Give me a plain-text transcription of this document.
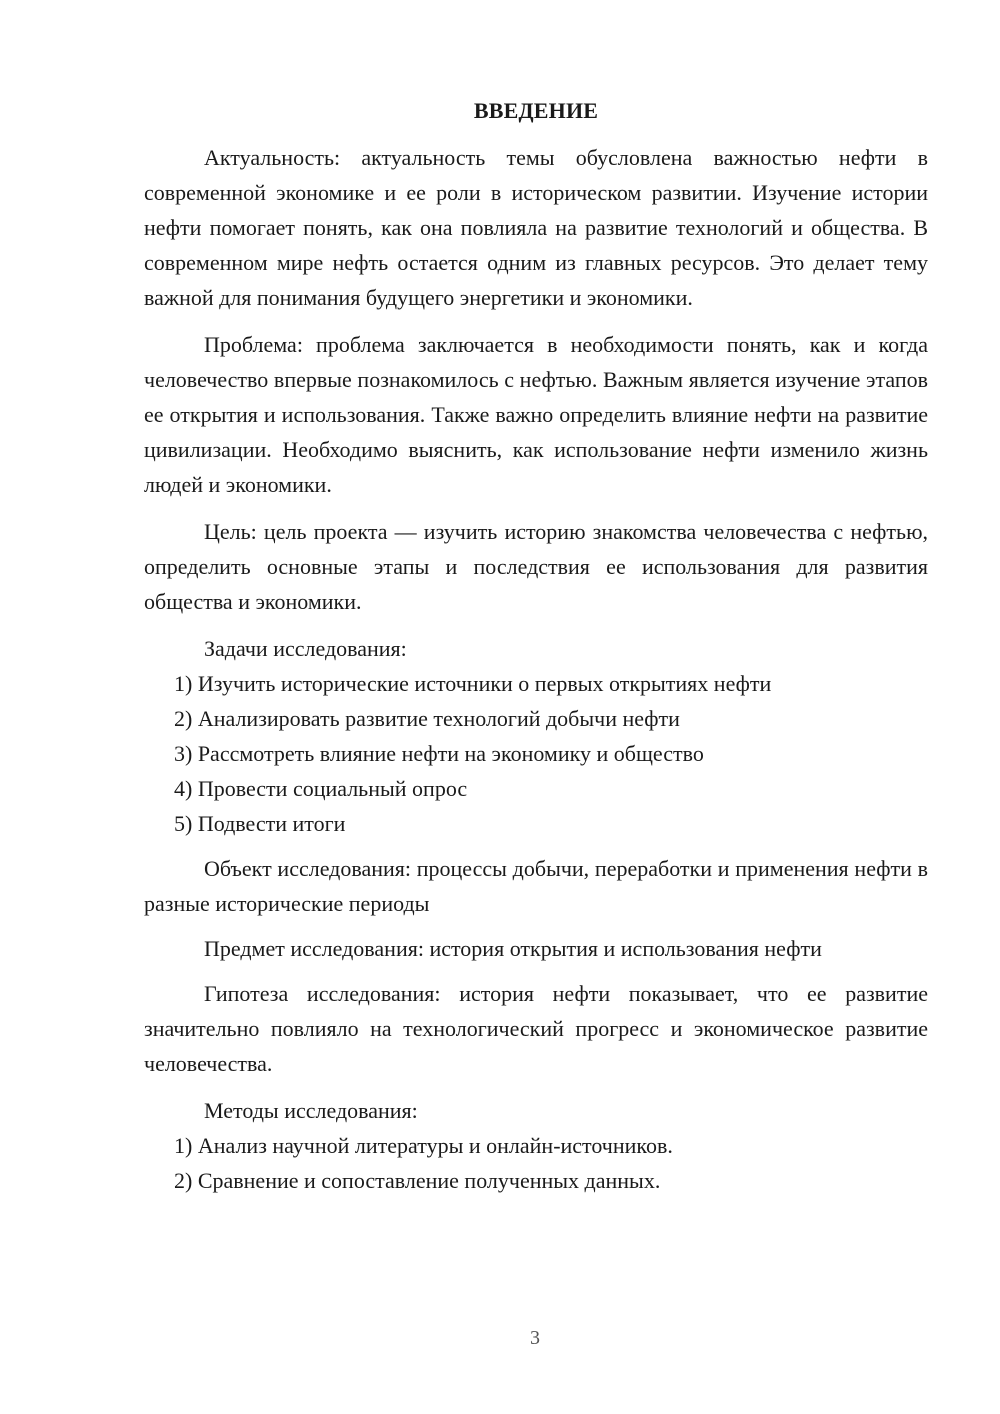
ВВЕДЕНИЕ

Актуальность: актуальность темы обусловлена важностью нефти в современной экономике и ее роли в историческом развитии. Изучение истории нефти помогает понять, как она повлияла на развитие технологий и общества. В современном мире нефть остается одним из главных ресурсов. Это делает тему важной для понимания будущего энергетики и экономики.

Проблема: проблема заключается в необходимости понять, как и когда человечество впервые познакомилось с нефтью. Важным является изучение этапов ее открытия и использования. Также важно определить влияние нефти на развитие цивилизации. Необходимо выяснить, как использование нефти изменило жизнь людей и экономики.

Цель: цель проекта — изучить историю знакомства человечества с нефтью, определить основные этапы и последствия ее использования для развития общества и экономики.

Задачи исследования:

1) Изучить исторические источники о первых открытиях нефти

2) Анализировать развитие технологий добычи нефти

3) Рассмотреть влияние нефти на экономику и общество

4) Провести социальный опрос

5) Подвести итоги

Объект исследования: процессы добычи, переработки и применения нефти в разные исторические периоды

Предмет исследования: история открытия и использования нефти

Гипотеза исследования: история нефти показывает, что ее развитие значительно повлияло на технологический прогресс и экономическое развитие человечества.

Методы исследования:

1) Анализ научной литературы и онлайн-источников.

2) Сравнение и сопоставление полученных данных.

3
